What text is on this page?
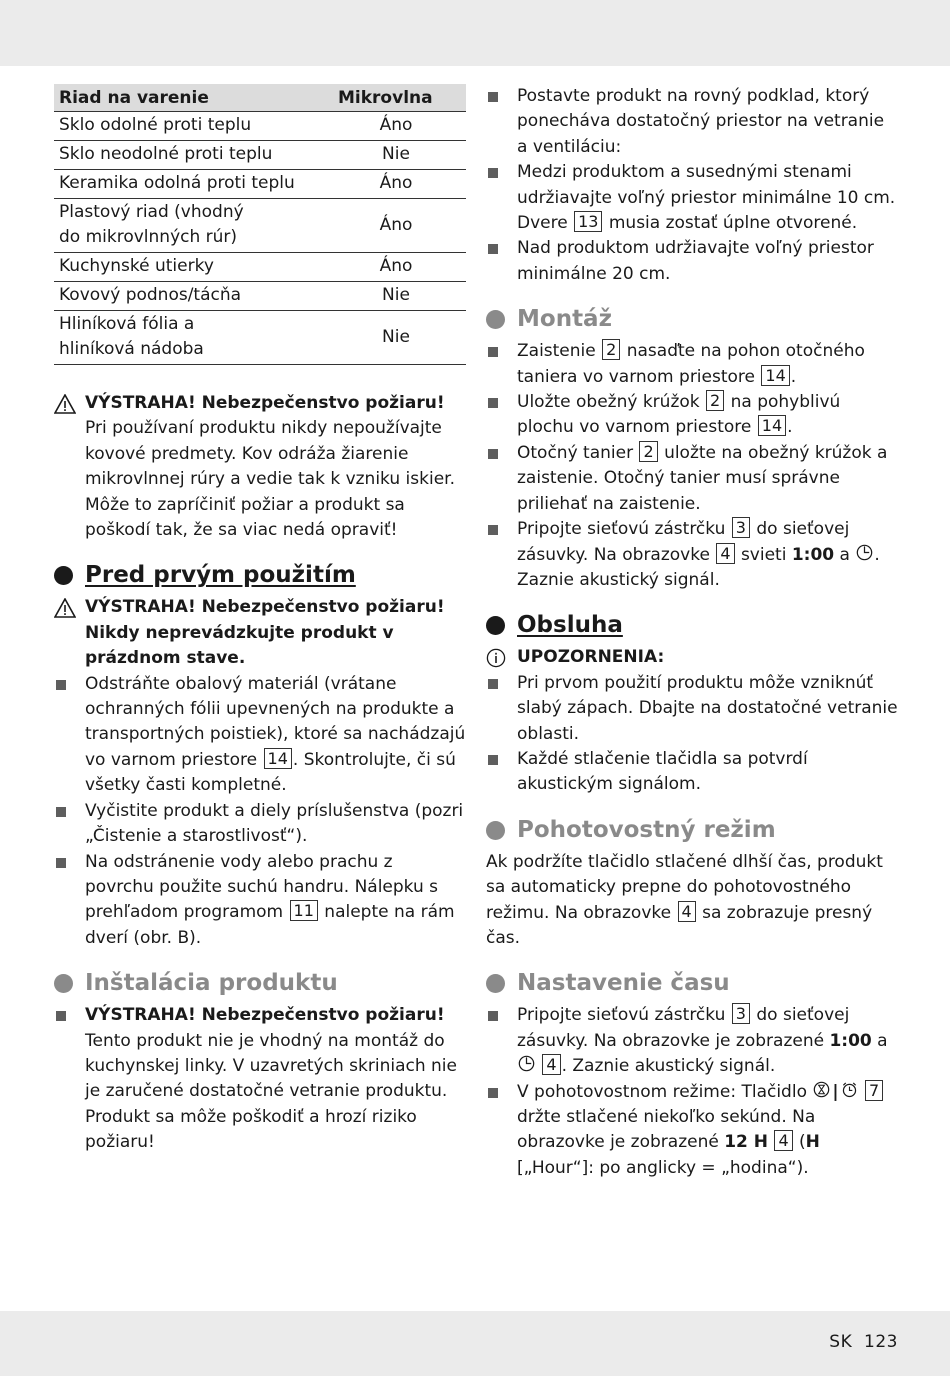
Riad na varenie	Mikrovlna
Sklo odolné proti teplu	Áno
Sklo neodolné proti teplu	Nie
Keramika odolná proti teplu	Áno
Plastový riad (vhodný do mikrovlnných rúr)	Áno
Kuchynské utierky	Áno
Kovový podnos/tácňa	Nie
Hliníková fólia a hliníková nádoba	Nie
VÝSTRAHA! Nebezpečenstvo požiaru!
Pri používaní produktu nikdy nepoužívajte kovové predmety. Kov odráža žiarenie mikrovlnnej rúry a vedie tak k vzniku iskier. Môže to zapríčiniť požiar a produkt sa poškodí tak, že sa viac nedá opraviť!
Pred prvým použitím
VÝSTRAHA! Nebezpečenstvo požiaru!
Nikdy neprevádzkujte produkt v prázdnom stave.
Odstráňte obalový materiál (vrátane ochranných fólii upevnených na produkte a transportných poistiek), ktoré sa nachádzajú vo varnom priestore 14 . Skontrolujte, či sú všetky časti kompletné.
Vyčistite produkt a diely príslušenstva (pozri „Čistenie a starostlivosť“).
Na odstránenie vody alebo prachu z povrchu použite suchú handru. Nálepku s prehľadom programom 11 nalepte na rám dverí (obr. B).
Inštalácia produktu
VÝSTRAHA! Nebezpečenstvo požiaru!
Tento produkt nie je vhodný na montáž do kuchynskej linky. V uzavretých skriniach nie je zaručené dostatočné vetranie produktu. Produkt sa môže poškodiť a hrozí riziko požiaru!
Postavte produkt na rovný podklad, ktorý ponecháva dostatočný priestor na vetranie a ventiláciu:
Medzi produktom a susednými stenami udržiavajte voľný priestor minimálne 10 cm. Dvere 13 musia zostať úplne otvorené.
Nad produktom udržiavajte voľný priestor minimálne 20 cm.
Montáž
Zaistenie 2 nasaďte na pohon otočného taniera vo varnom priestore 14 .
Uložte obežný krúžok 2 na pohyblivú plochu vo varnom priestore 14 .
Otočný tanier 2 uložte na obežný krúžok a zaistenie. Otočný tanier musí správne priliehať na zaistenie.
Pripojte sieťovú zástrčku 3 do sieťovej zásuvky. Na obrazovke 4 svieti 1:00 a . Zaznie akustický signál.
Obsluha
UPOZORNENIA:
Pri prvom použití produktu môže vzniknúť slabý zápach. Dbajte na dostatočné vetranie oblasti.
Každé stlačenie tlačidla sa potvrdí akustickým signálom.
Pohotovostný režim

Ak podržíte tlačidlo stlačené dlhší čas, produkt sa automaticky prepne do pohotovostného režimu. Na obrazovke 4 sa zobrazuje presný čas.

Nastavenie času
Pripojte sieťovú zástrčku 3 do sieťovej zásuvky. Na obrazovke je zobrazené 1:00 a  4 . Zaznie akustický signál.
V pohotovostnom režime: Tlačidlo | 7 držte stlačené niekoľko sekúnd. Na obrazovke je zobrazené 12 H 4 (H [„Hour“]: po anglicky = „hodina“).
SK 123
